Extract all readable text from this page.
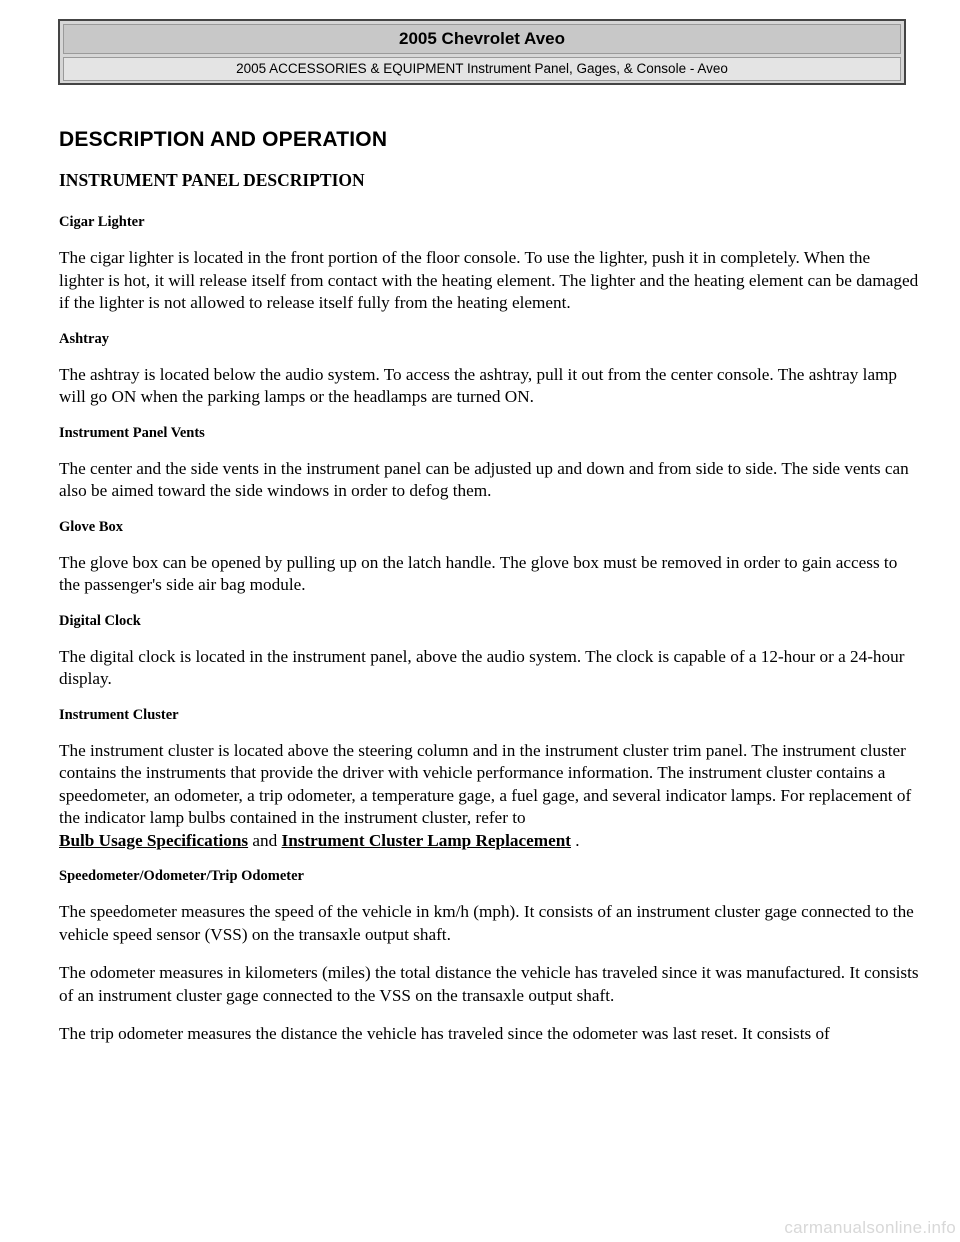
2005 Chevrolet Aveo
2005 ACCESSORIES & EQUIPMENT Instrument Panel, Gages, & Console - Aveo
DESCRIPTION AND OPERATION
INSTRUMENT PANEL DESCRIPTION
Cigar Lighter

The cigar lighter is located in the front portion of the floor console. To use the lighter, push it in completely. When the lighter is hot, it will release itself from contact with the heating element. The lighter and the heating element can be damaged if the lighter is not allowed to release itself fully from the heating element.

Ashtray

The ashtray is located below the audio system. To access the ashtray, pull it out from the center console. The ashtray lamp will go ON when the parking lamps or the headlamps are turned ON.

Instrument Panel Vents

The center and the side vents in the instrument panel can be adjusted up and down and from side to side. The side vents can also be aimed toward the side windows in order to defog them.

Glove Box

The glove box can be opened by pulling up on the latch handle. The glove box must be removed in order to gain access to the passenger's side air bag module.

Digital Clock

The digital clock is located in the instrument panel, above the audio system. The clock is capable of a 12-hour or a 24-hour display.

Instrument Cluster

The instrument cluster is located above the steering column and in the instrument cluster trim panel. The instrument cluster contains the instruments that provide the driver with vehicle performance information. The instrument cluster contains a speedometer, an odometer, a trip odometer, a temperature gage, a fuel gage, and several indicator lamps. For replacement of the indicator lamp bulbs contained in the instrument cluster, refer to
Bulb Usage Specifications and Instrument Cluster Lamp Replacement .

Speedometer/Odometer/Trip Odometer

The speedometer measures the speed of the vehicle in km/h (mph). It consists of an instrument cluster gage connected to the vehicle speed sensor (VSS) on the transaxle output shaft.

The odometer measures in kilometers (miles) the total distance the vehicle has traveled since it was manufactured. It consists of an instrument cluster gage connected to the VSS on the transaxle output shaft.

The trip odometer measures the distance the vehicle has traveled since the odometer was last reset. It consists of

carmanualsonline.info
